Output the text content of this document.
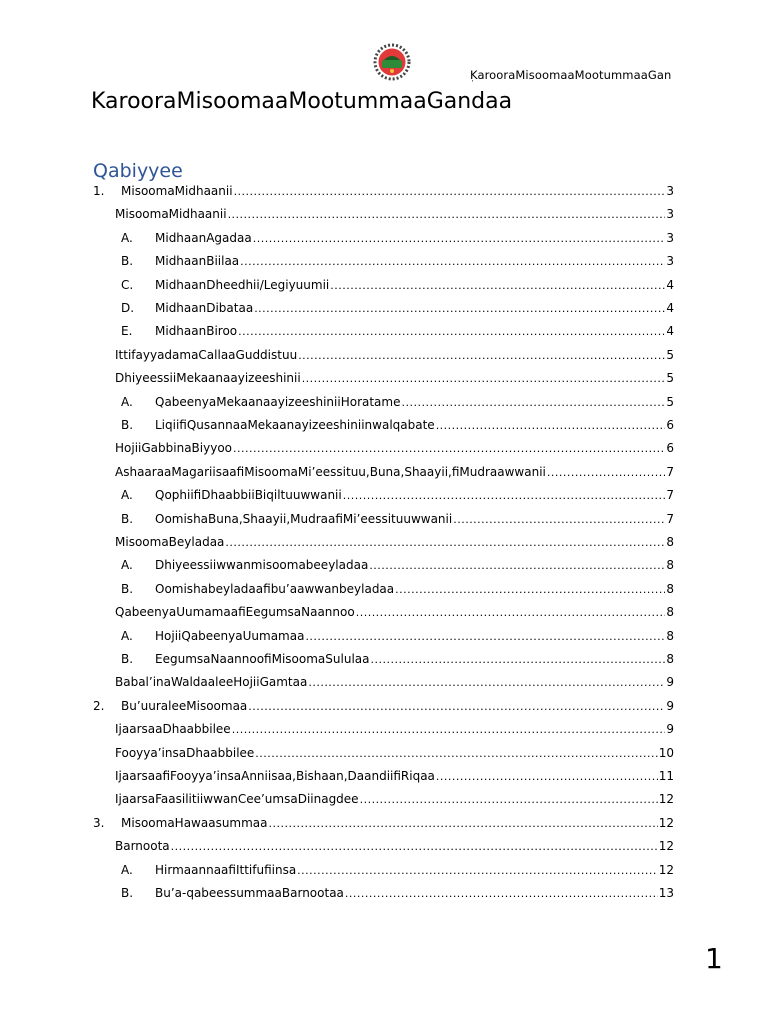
KaroorаMisoomaaMootummaaGan
'
KarooraMisoomaaMootummaaGandaa
Qabiyyee
1.	MisoomaMidhaanii .....	3
MisoomaMidhaanii .....	3
A.	MidhaanAgadaa .....	3
B.	MidhaanBiilaa .....	3
C.	MidhaanDheedhii/Legiyuumii .....	4
D.	MidhaanDibataa .....	4
E.	MidhaanBiroo .....	4
IttifayyadamaCallaaGuddistuu .....	5
DhiyeessiiMekaanaayizeeshinii .....	5
A.	QabeenyaMekaanaayizeeshiniiHoratame .....	5
B.	LiqiifiQusannaaMekaanayizeeshiniinwalqabate .....	6
HojiiGabbinaBiyyoo .....	6
AshaaraaMagariisaafiMisoomaMi’eessituu,Buna,Shaayii,fiMudraawwanii .....	7
A.	QophiifiDhaabbiiBiqiltuuwwanii .....	7
B.	OomishaBuna,Shaayii,MudraafiMi’eessituuwwanii .....	7
MisoomaBeyladaa .....	8
A.	Dhiyeessiiwwanmisoomabeeyladaa .....	8
B.	Oomishabeyladaafibu’aawwanbeyladaa .....	8
QabeenyaUumamaafiEegumsaNaannoo .....	8
A.	HojiiQabeenyaUumamaa .....	8
B.	EegumsaNaannoofiMisoomaSululaa .....	8
Babal’inaWaldaaleeHojiiGamtaa .....	9
2.	Bu’uuraleeMisoomaa .....	9
IjaarsaaDhaabbilee .....	9
Fooyya’insaDhaabbilee .....	10
IjaarsaafiFooyya’insaAnniisaa,Bishaan,DaandiifiRiqaa .....	11
IjaarsaFaasilitiiwwanCee’umsaDiinagdee .....	12
3.	MisoomaHawaasummaa .....	12
Barnoota .....	12
A.	HirmaannaafiIttifufiinsa .....	12
B.	Bu’a-qabeessummaaBarnootaa .....	13
1
